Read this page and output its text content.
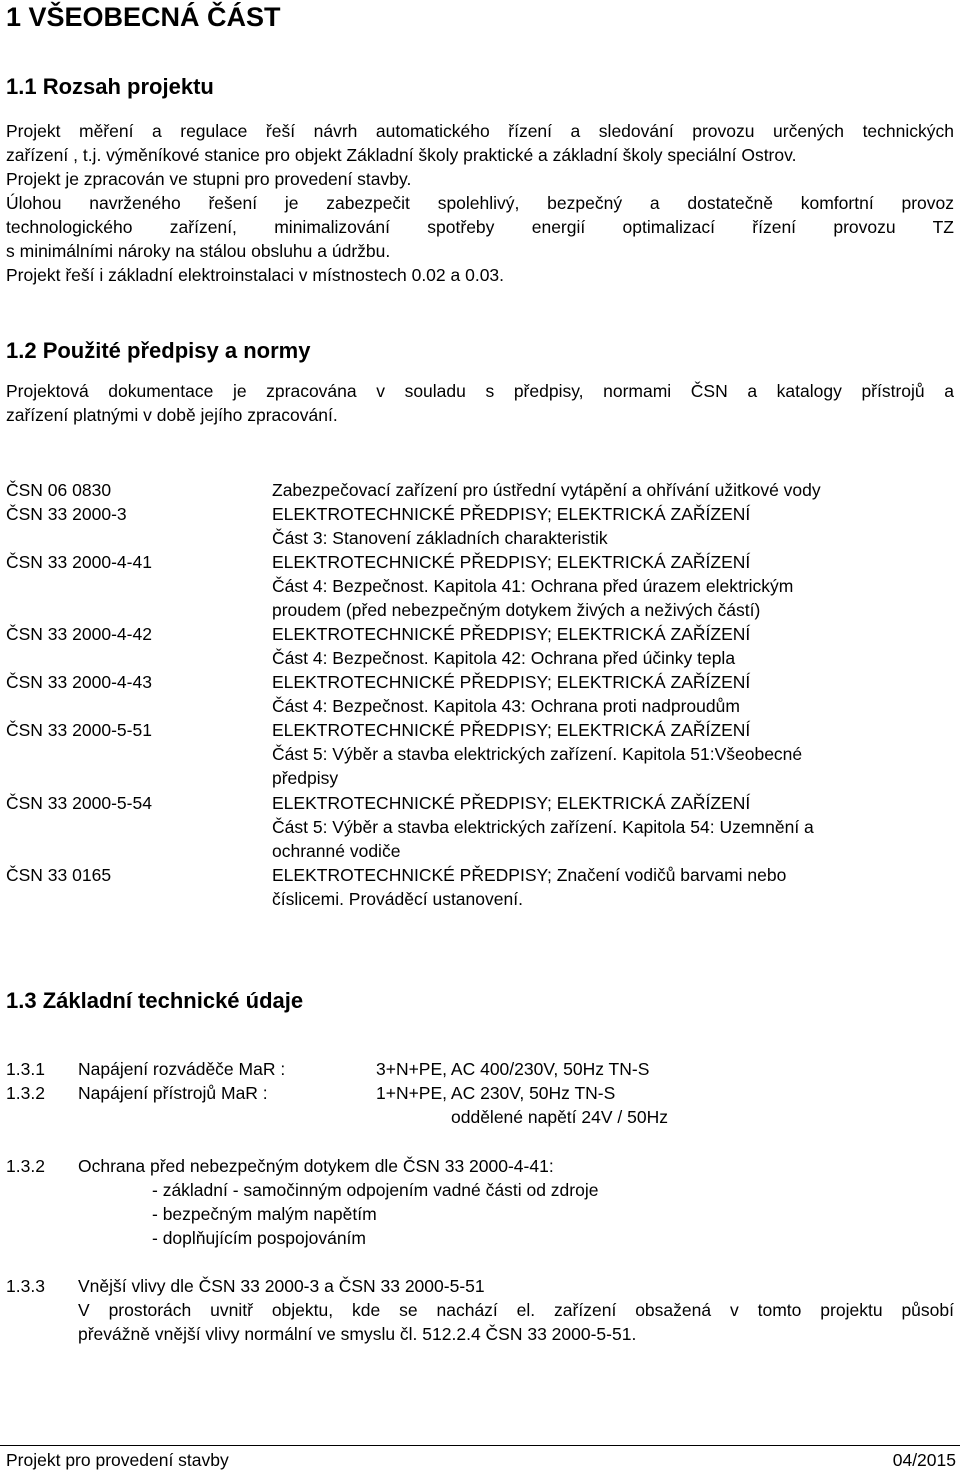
1 VŠEOBECNÁ ČÁST
1.1 Rozsah projektu
Projekt měření a regulace řeší návrh automatického řízení a sledování provozu určených technických
zařízení , t.j. výměníkové stanice pro objekt Základní školy praktické a základní školy speciální Ostrov.
Projekt je zpracován ve stupni pro provedení stavby.
Úlohou navrženého řešení je zabezpečit spolehlivý, bezpečný a dostatečně komfortní provoz
technologického zařízení, minimalizování spotřeby energií optimalizací řízení provozu TZ
s minimálními nároky na stálou obsluhu a údržbu.
Projekt řeší i základní elektroinstalaci v místnostech 0.02 a 0.03.
1.2 Použité předpisy a normy
Projektová dokumentace je zpracována v souladu s předpisy, normami ČSN a katalogy přístrojů a
zařízení platnými v době jejího zpracování.
ČSN 06 0830	Zabezpečovací zařízení pro ústřední vytápění a ohřívání užitkové vody
ČSN 33 2000-3	ELEKTROTECHNICKÉ PŘEDPISY; ELEKTRICKÁ ZAŘÍZENÍ
Část 3: Stanovení základních charakteristik
ČSN 33 2000-4-41	ELEKTROTECHNICKÉ PŘEDPISY; ELEKTRICKÁ ZAŘÍZENÍ
Část 4: Bezpečnost. Kapitola 41: Ochrana před úrazem elektrickým
proudem (před nebezpečným dotykem živých a neživých částí)
ČSN 33 2000-4-42	ELEKTROTECHNICKÉ PŘEDPISY; ELEKTRICKÁ ZAŘÍZENÍ
Část 4: Bezpečnost. Kapitola 42: Ochrana před účinky tepla
ČSN 33 2000-4-43	ELEKTROTECHNICKÉ PŘEDPISY; ELEKTRICKÁ ZAŘÍZENÍ
Část 4: Bezpečnost. Kapitola 43: Ochrana proti nadproudům
ČSN 33 2000-5-51	ELEKTROTECHNICKÉ PŘEDPISY; ELEKTRICKÁ ZAŘÍZENÍ
Část 5: Výběr a stavba elektrických zařízení. Kapitola 51:Všeobecné
předpisy
ČSN 33 2000-5-54	ELEKTROTECHNICKÉ PŘEDPISY; ELEKTRICKÁ ZAŘÍZENÍ
Část 5: Výběr a stavba elektrických zařízení. Kapitola 54: Uzemnění a
ochranné vodiče
ČSN 33 0165	ELEKTROTECHNICKÉ PŘEDPISY; Značení vodičů barvami nebo
číslicemi. Prováděcí ustanovení.
1.3 Základní technické údaje
1.3.1 Napájení rozváděče MaR :	3+N+PE, AC 400/230V, 50Hz TN-S
1.3.2 Napájení přístrojů MaR :	1+N+PE, AC 230V, 50Hz TN-S
oddělené napětí 24V / 50Hz
1.3.2 Ochrana před nebezpečným dotykem dle ČSN 33 2000-4-41:
- základní - samočinným odpojením vadné části od zdroje
- bezpečným malým napětím
- doplňujícím pospojováním
1.3.3 Vnější vlivy dle ČSN 33 2000-3 a ČSN 33 2000-5-51
V prostorách uvnitř objektu, kde se nachází el. zařízení obsažená v tomto projektu působí
převážně vnější vlivy normální ve smyslu čl. 512.2.4 ČSN 33 2000-5-51.
Projekt pro provedení stavby	04/2015
